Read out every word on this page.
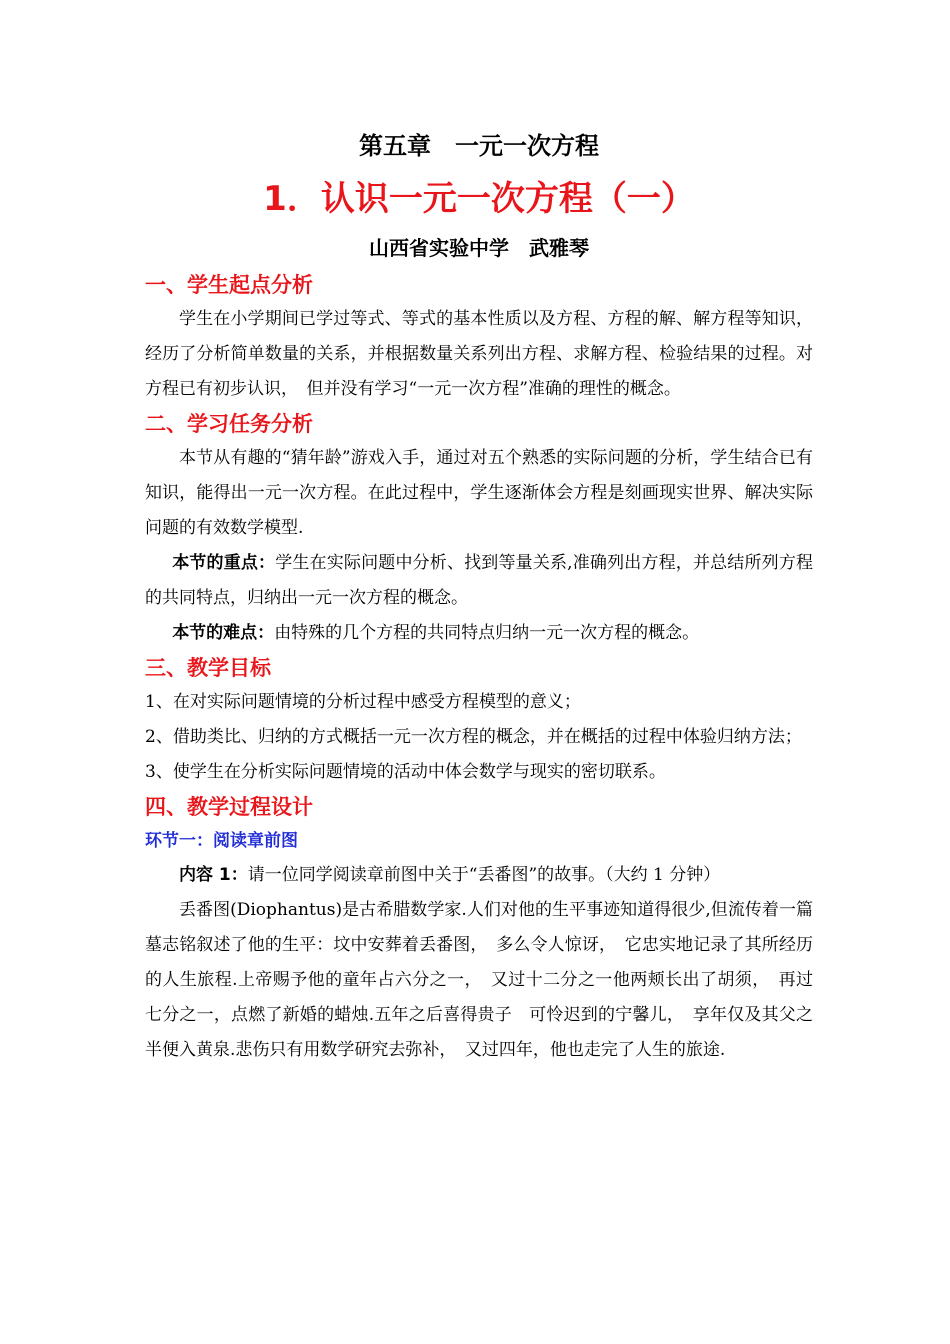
第五章　一元一次方程
1．认识一元一次方程（一）
山西省实验中学　武雅琴
一、学生起点分析

学生在小学期间已学过等式、等式的基本性质以及方程、方程的解、解方程等知识，经历了分析简单数量的关系，并根据数量关系列出方程、求解方程、检验结果的过程。对方程已有初步认识，　但并没有学习“一元一次方程”准确的理性的概念。

二、学习任务分析

本节从有趣的“猜年龄”游戏入手，通过对五个熟悉的实际问题的分析，学生结合已有知识，能得出一元一次方程。在此过程中，学生逐渐体会方程是刻画现实世界、解决实际问题的有效数学模型.

本节的重点：学生在实际问题中分析、找到等量关系,准确列出方程，并总结所列方程的共同特点，归纳出一元一次方程的概念。

本节的难点：由特殊的几个方程的共同特点归纳一元一次方程的概念。

三、教学目标

1、在对实际问题情境的分析过程中感受方程模型的意义；

2、借助类比、归纳的方式概括一元一次方程的概念，并在概括的过程中体验归纳方法；

3、使学生在分析实际问题情境的活动中体会数学与现实的密切联系。

四、教学过程设计
环节一：阅读章前图

内容 1：请一位同学阅读章前图中关于“丢番图”的故事。（大约 1 分钟）

丢番图(Diophantus)是古希腊数学家.人们对他的生平事迹知道得很少,但流传着一篇墓志铭叙述了他的生平：坟中安葬着丢番图，　多么令人惊讶，　它忠实地记录了其所经历的人生旅程.上帝赐予他的童年占六分之一，　又过十二分之一他两颊长出了胡须，　再过七分之一，点燃了新婚的蜡烛.五年之后喜得贵子　可怜迟到的宁馨儿，　享年仅及其父之半便入黄泉.悲伤只有用数学研究去弥补，　又过四年，他也走完了人生的旅途.
